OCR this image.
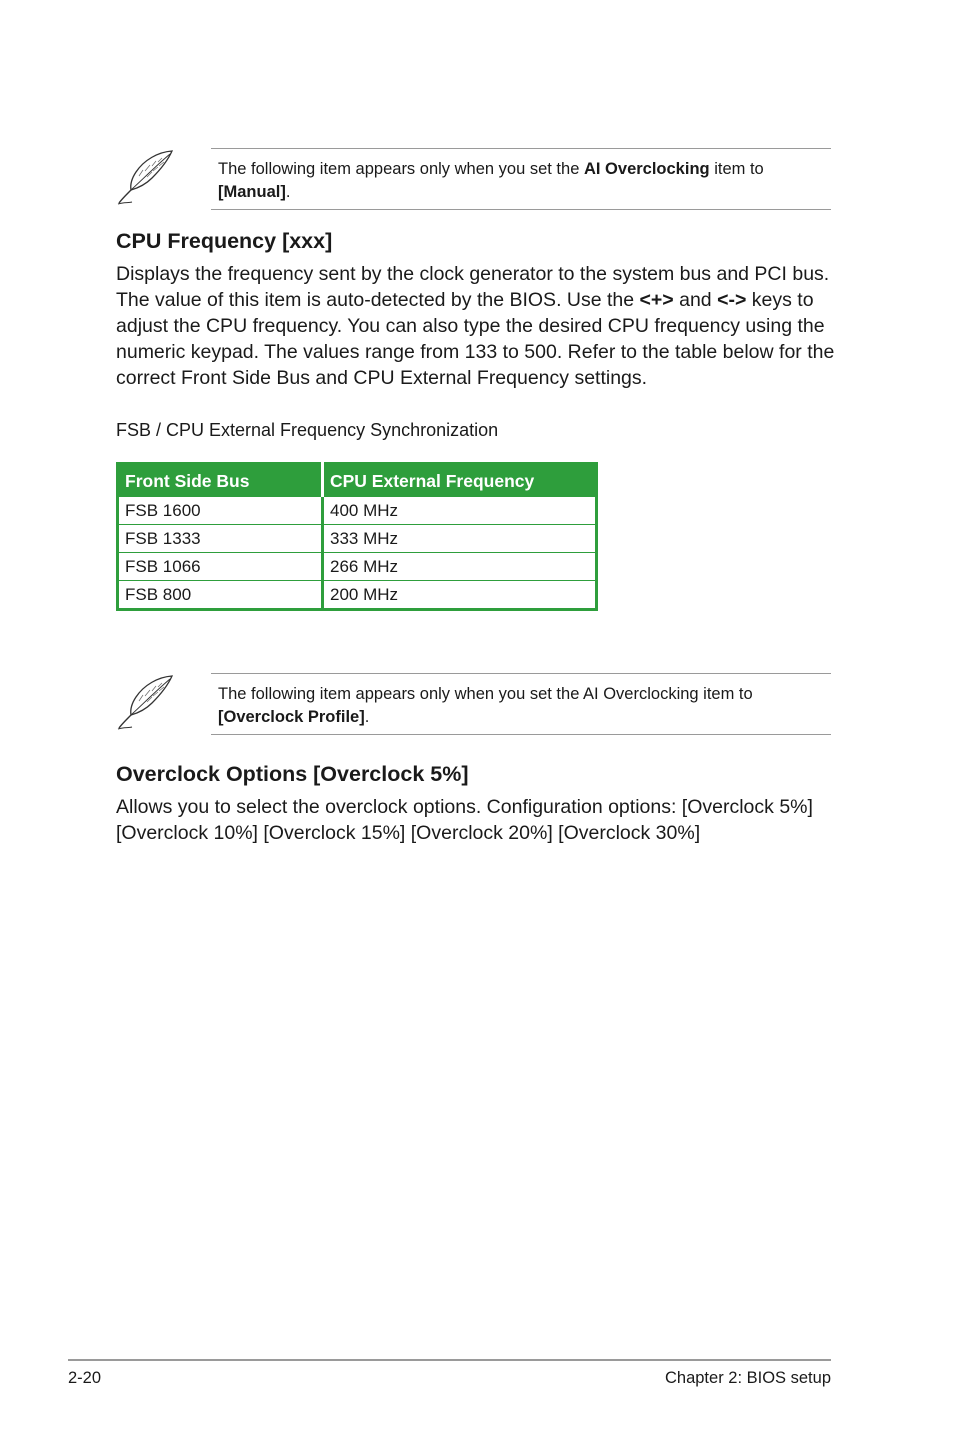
The following item appears only when you set the AI Overclocking item to
[Manual].
CPU Frequency [xxx]

Displays the frequency sent by the clock generator to the system bus and PCI bus. The value of this item is auto-detected by the BIOS. Use the <+> and <-> keys to adjust the CPU frequency. You can also type the desired CPU frequency using the numeric keypad. The values range from 133 to 500. Refer to the table below for the correct Front Side Bus and CPU External Frequency settings.

FSB / CPU External Frequency Synchronization
Front Side Bus	CPU External Frequency
FSB 1600	400 MHz
FSB 1333	333 MHz
FSB 1066	266 MHz
FSB 800	200 MHz
The following item appears only when you set the AI Overclocking item to
[Overclock Profile].
Overclock Options [Overclock 5%]

Allows you to select the overclock options. Configuration options: [Overclock 5%] [Overclock 10%] [Overclock 15%] [Overclock 20%] [Overclock 30%]

2-20	Chapter 2: BIOS setup
